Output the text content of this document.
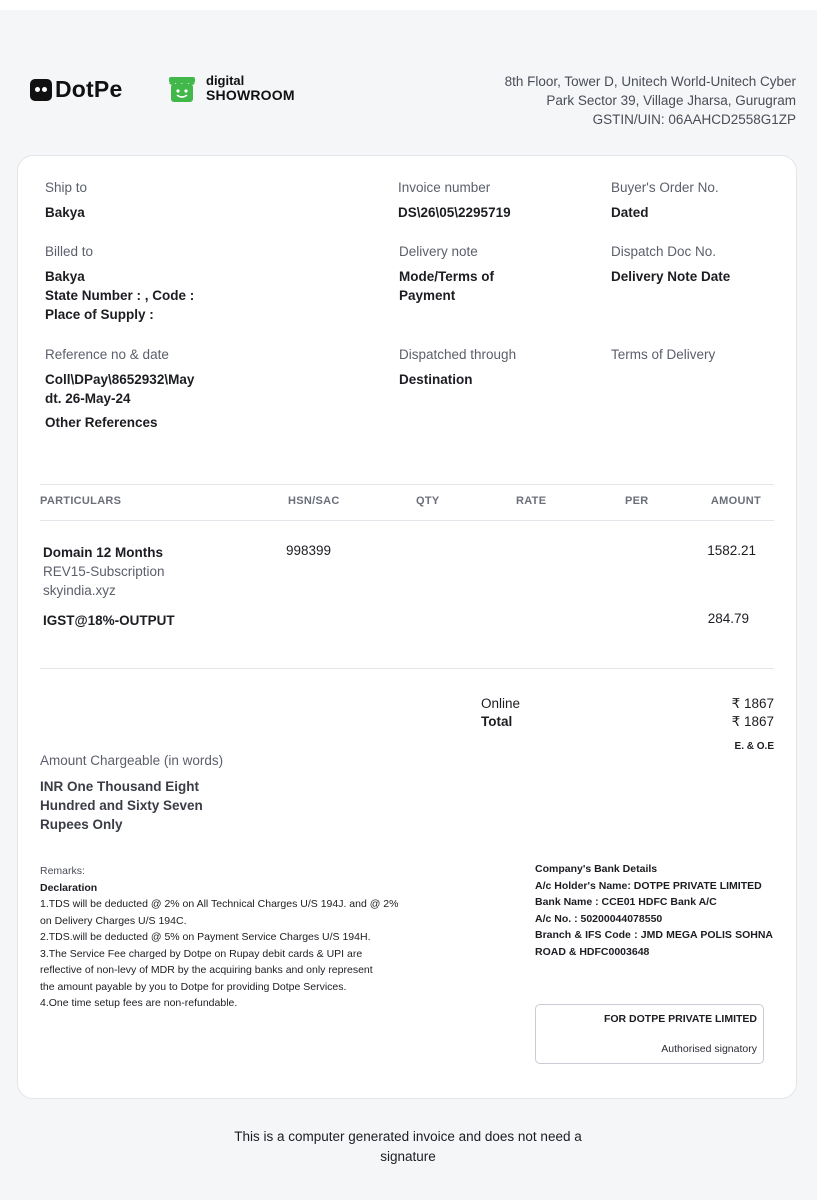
DotPe	digital
SHOWROOM
8th Floor, Tower D, Unitech World-Unitech Cyber
Park Sector 39, Village Jharsa, Gurugram
GSTIN/UIN: 06AAHCD2558G1ZP
Ship to
Bakya
Invoice number
DS\26\05\2295719
Buyer's Order No.
Dated
Billed to
Bakya
State Number : , Code :
Place of Supply :
Delivery note
Mode/Terms of
Payment
Dispatch Doc No.
Delivery Note Date
Reference no & date
Coll\DPay\8652932\May
dt. 26-May-24
Other References
Dispatched through
Destination
Terms of Delivery
PARTICULARS	HSN/SAC	QTY	RATE	PER	AMOUNT
Domain 12 Months
REV15-Subscription
skyindia.xyz
998399	1582.21
IGST@18%-OUTPUT	284.79
Online	₹ 1867
Total	₹ 1867
E. & O.E
Amount Chargeable (in words)
INR One Thousand Eight
Hundred and Sixty Seven
Rupees Only
Remarks:
Declaration
1.TDS will be deducted @ 2% on All Technical Charges U/S 194J. and @ 2%
on Delivery Charges U/S 194C.
2.TDS.will be deducted @ 5% on Payment Service Charges U/S 194H.
3.The Service Fee charged by Dotpe on Rupay debit cards & UPI are
reflective of non-levy of MDR by the acquiring banks and only represent
the amount payable by you to Dotpe for providing Dotpe Services.
4.One time setup fees are non-refundable.
Company's Bank Details
A/c Holder's Name: DOTPE PRIVATE LIMITED
Bank Name : CCE01 HDFC Bank A/C
A/c No. : 50200044078550
Branch & IFS Code : JMD MEGA POLIS SOHNA ROAD & HDFC0003648
FOR DOTPE PRIVATE LIMITED
Authorised signatory
This is a computer generated invoice and does not need a
signature
